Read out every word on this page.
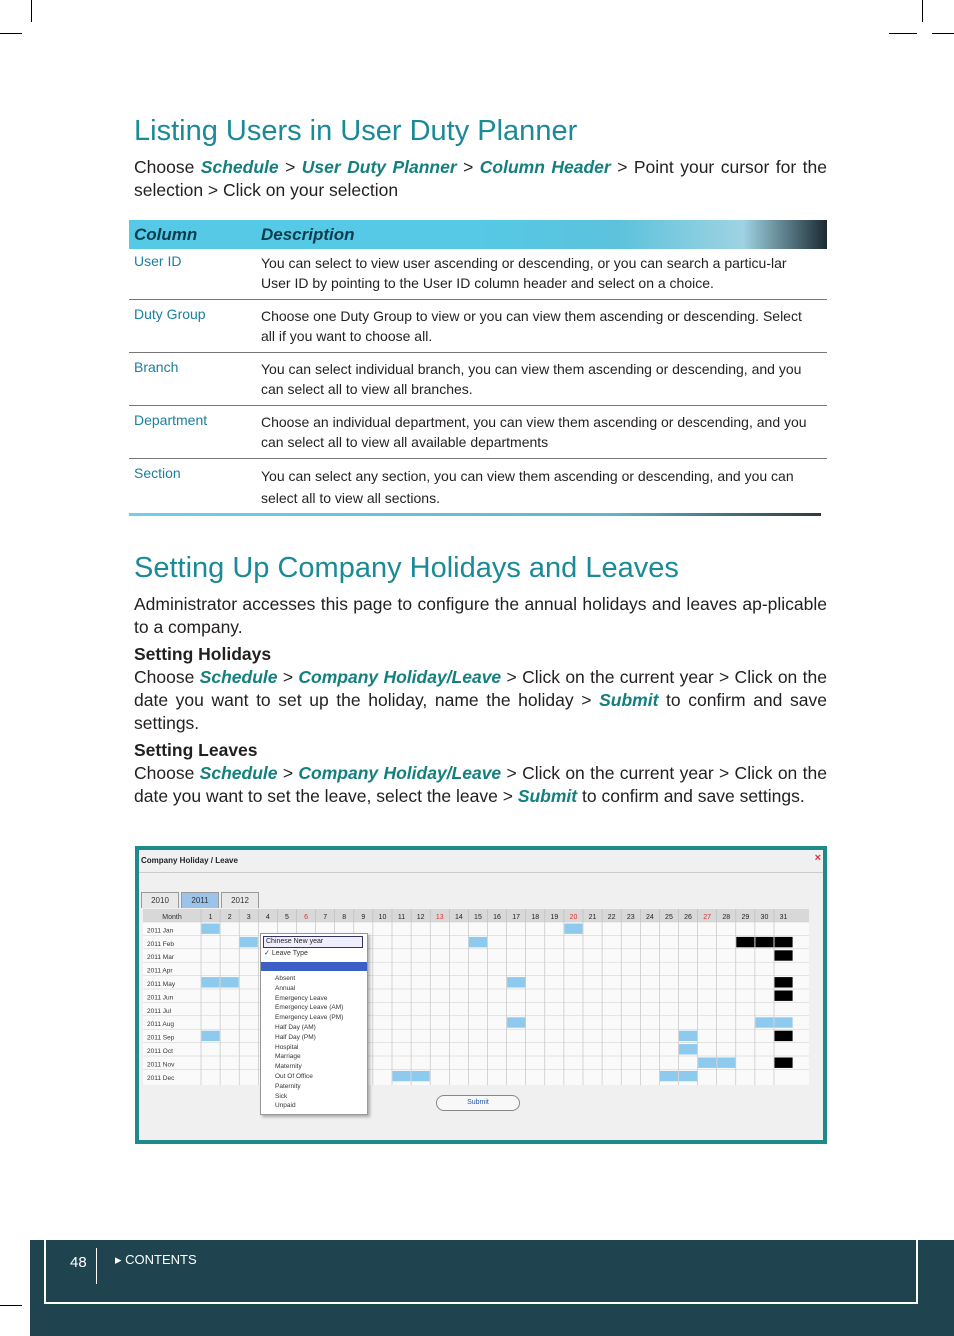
Listing Users in User Duty Planner

Choose Schedule > User Duty Planner > Column Header > Point your cursor for the selection > Click on your selection

Column	Description
User ID	You can select to view user ascending or descending, or you can search a particu-lar User ID by pointing to the User ID column header and select on a choice.
Duty Group	Choose one Duty Group to view or you can view them ascending or descending. Select all if you want to choose all.
Branch	You can select individual branch, you can view them ascending or descending, and you can select all to view all branches.
Department	Choose an individual department, you can view them ascending or descending, and you can select all to view all available departments
Section	You can select any section, you can view them ascending or descending, and you can select all to view all sections.
Setting Up Company Holidays and Leaves

Administrator accesses this page to configure the annual holidays and leaves ap-plicable to a company.

Setting Holidays

Choose Schedule > Company Holiday/Leave > Click on the current year > Click on the date you want to set up the holiday, name the holiday > Submit to confirm and save settings.

Setting Leaves

Choose Schedule > Company Holiday/Leave > Click on the current year > Click on the date you want to set the leave, select the leave > Submit to confirm and save settings.

Company Holiday / Leave	×
2010	2011	2012
Month	1 2 3 4 5 6 7 8 9 10 11 12 13 14 15 16 17 18 19 20 21 22 23 24 25 26 27 28 29 30 31
2011 Jan
2011 Feb
2011 Mar
2011 Apr
2011 May
2011 Jun
2011 Jul
2011 Aug
2011 Sep
2011 Oct
2011 Nov
2011 Dec
Chinese New year
✓ Leave Type
Absent
Annual
Emergency Leave
Emergency Leave (AM)
Emergency Leave (PM)
Half Day (AM)
Half Day (PM)
Hospital
Marriage
Maternity
Out Of Office
Paternity
Sick
Unpaid	Submit
48 ▸ CONTENTS
